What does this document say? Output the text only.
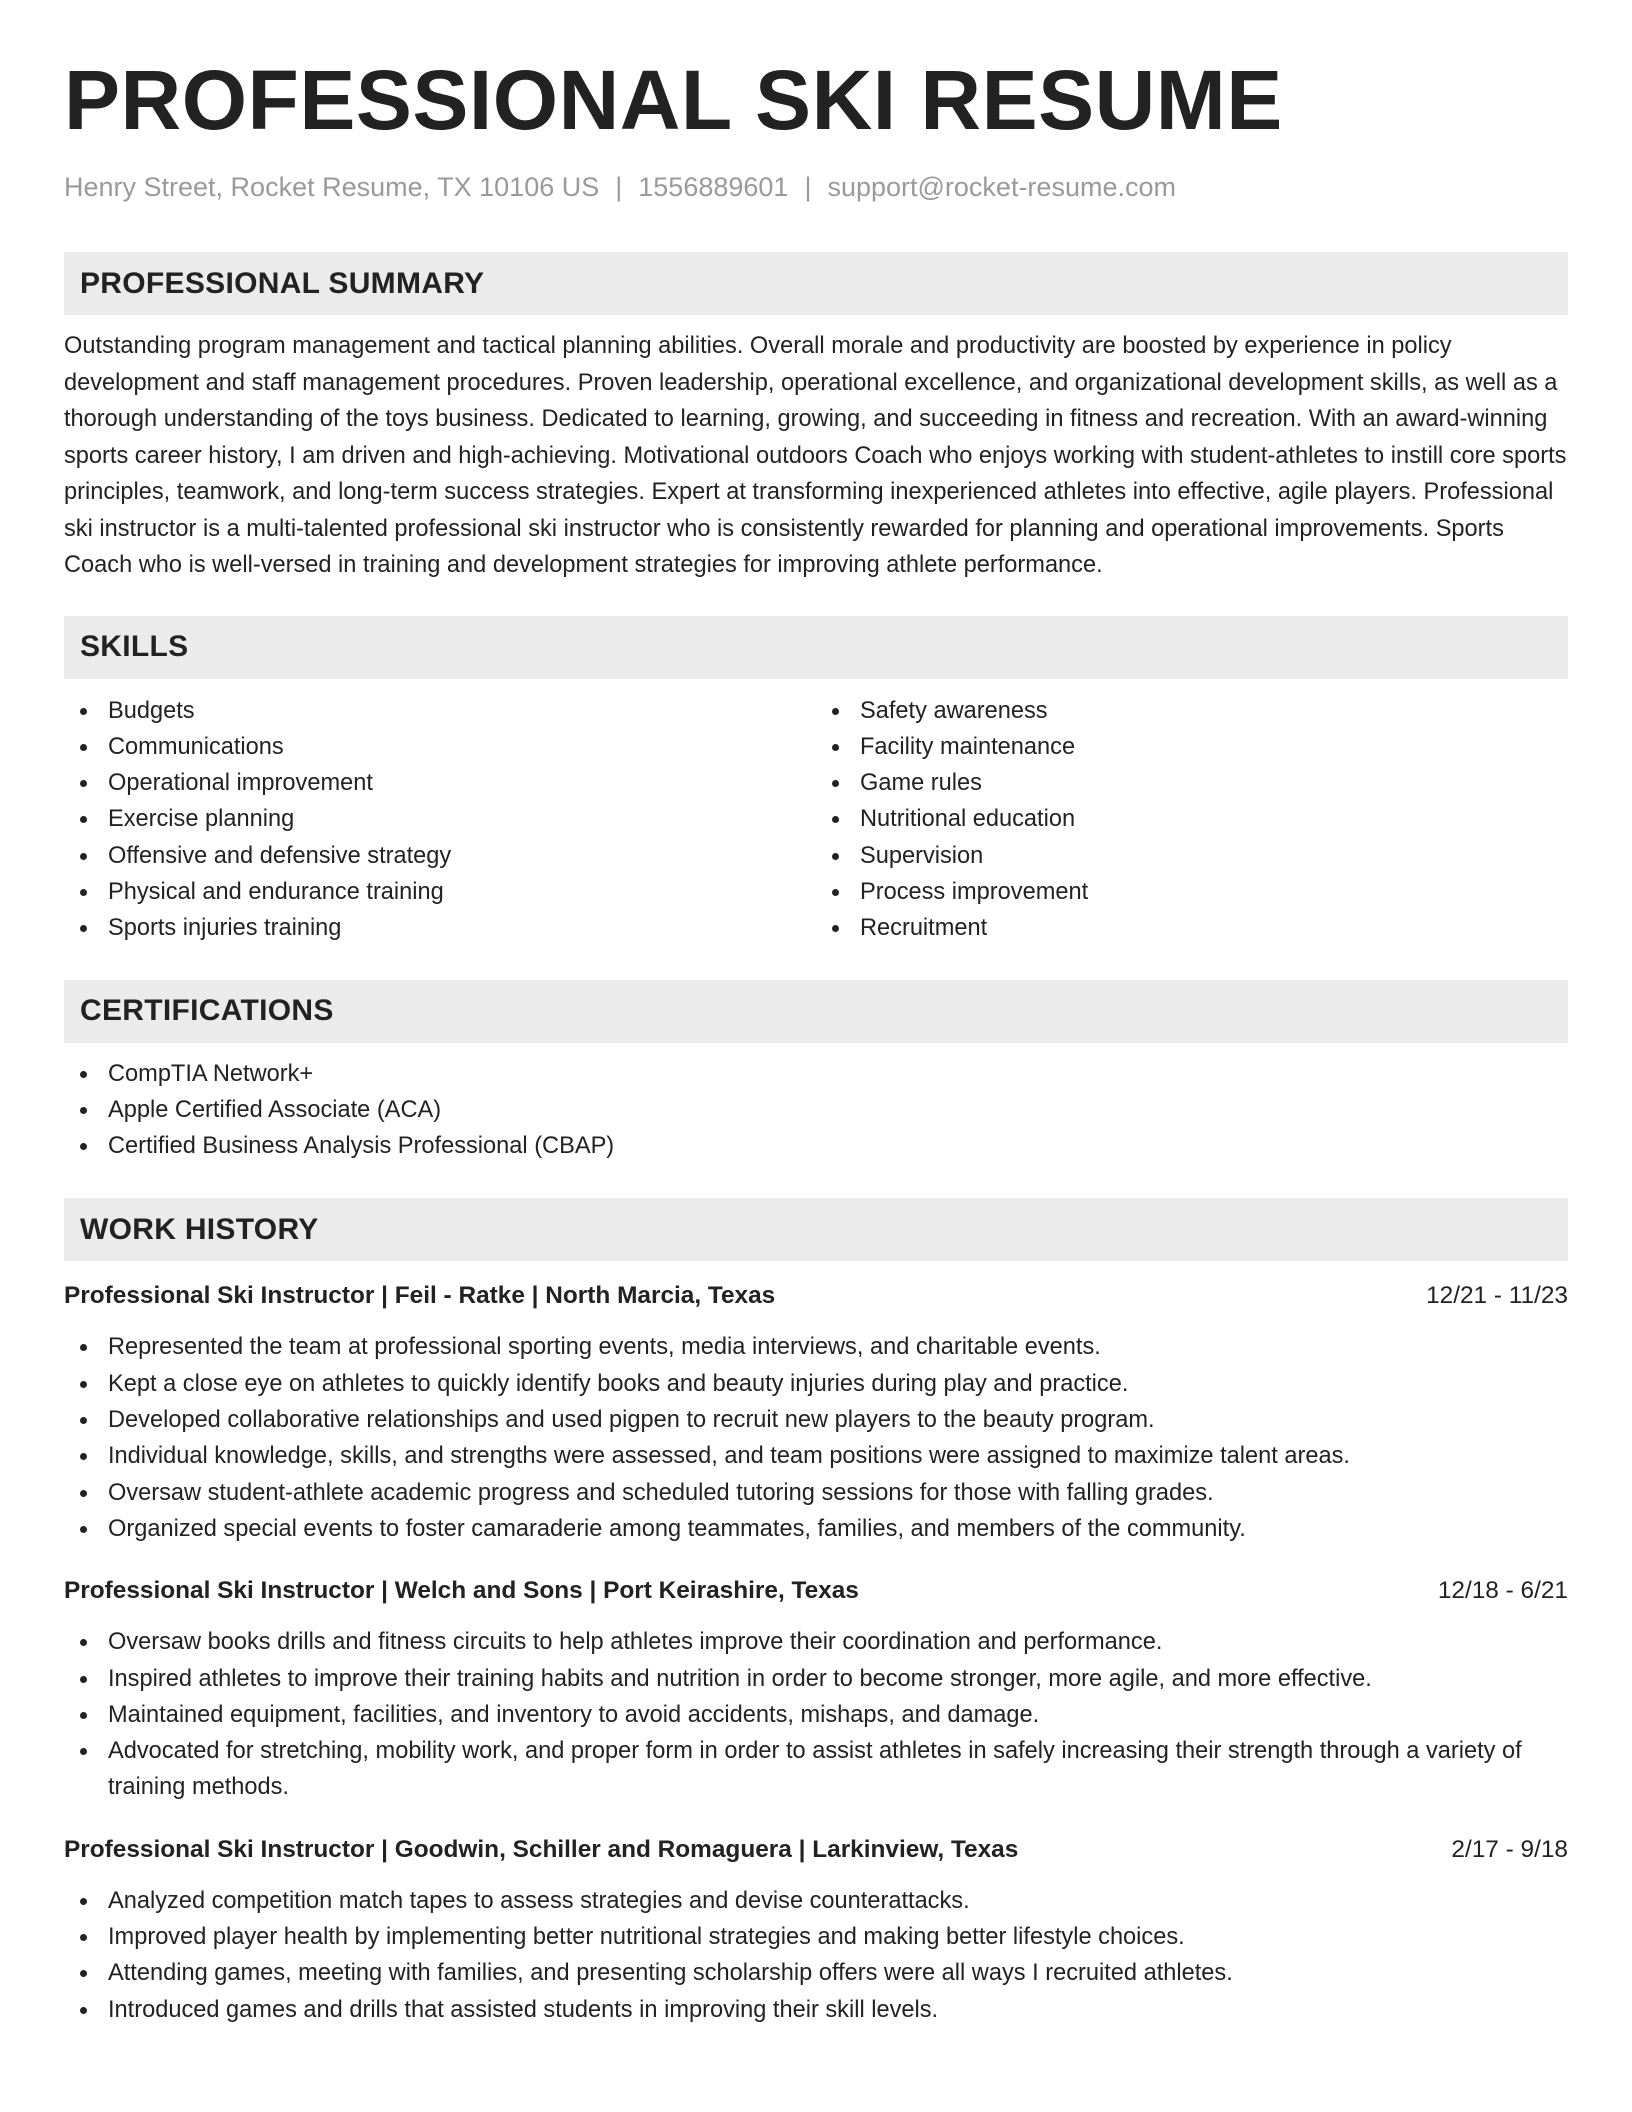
PROFESSIONAL SKI RESUME
Henry Street, Rocket Resume, TX 10106 US | 1556889601 | support@rocket-resume.com
PROFESSIONAL SUMMARY

Outstanding program management and tactical planning abilities. Overall morale and productivity are boosted by experience in policy development and staff management procedures. Proven leadership, operational excellence, and organizational development skills, as well as a thorough understanding of the toys business. Dedicated to learning, growing, and succeeding in fitness and recreation. With an award-winning sports career history, I am driven and high-achieving. Motivational outdoors Coach who enjoys working with student-athletes to instill core sports principles, teamwork, and long-term success strategies. Expert at transforming inexperienced athletes into effective, agile players. Professional ski instructor is a multi-talented professional ski instructor who is consistently rewarded for planning and operational improvements. Sports Coach who is well-versed in training and development strategies for improving athlete performance.

SKILLS
Budgets
Communications
Operational improvement
Exercise planning
Offensive and defensive strategy
Physical and endurance training
Sports injuries training
Safety awareness
Facility maintenance
Game rules
Nutritional education
Supervision
Process improvement
Recruitment
CERTIFICATIONS
CompTIA Network+
Apple Certified Associate (ACA)
Certified Business Analysis Professional (CBAP)
WORK HISTORY
Professional Ski Instructor | Feil - Ratke | North Marcia, Texas	12/21 - 11/23
Represented the team at professional sporting events, media interviews, and charitable events.
Kept a close eye on athletes to quickly identify books and beauty injuries during play and practice.
Developed collaborative relationships and used pigpen to recruit new players to the beauty program.
Individual knowledge, skills, and strengths were assessed, and team positions were assigned to maximize talent areas.
Oversaw student-athlete academic progress and scheduled tutoring sessions for those with falling grades.
Organized special events to foster camaraderie among teammates, families, and members of the community.
Professional Ski Instructor | Welch and Sons | Port Keirashire, Texas	12/18 - 6/21
Oversaw books drills and fitness circuits to help athletes improve their coordination and performance.
Inspired athletes to improve their training habits and nutrition in order to become stronger, more agile, and more effective.
Maintained equipment, facilities, and inventory to avoid accidents, mishaps, and damage.
Advocated for stretching, mobility work, and proper form in order to assist athletes in safely increasing their strength through a variety of training methods.
Professional Ski Instructor | Goodwin, Schiller and Romaguera | Larkinview, Texas	2/17 - 9/18
Analyzed competition match tapes to assess strategies and devise counterattacks.
Improved player health by implementing better nutritional strategies and making better lifestyle choices.
Attending games, meeting with families, and presenting scholarship offers were all ways I recruited athletes.
Introduced games and drills that assisted students in improving their skill levels.
